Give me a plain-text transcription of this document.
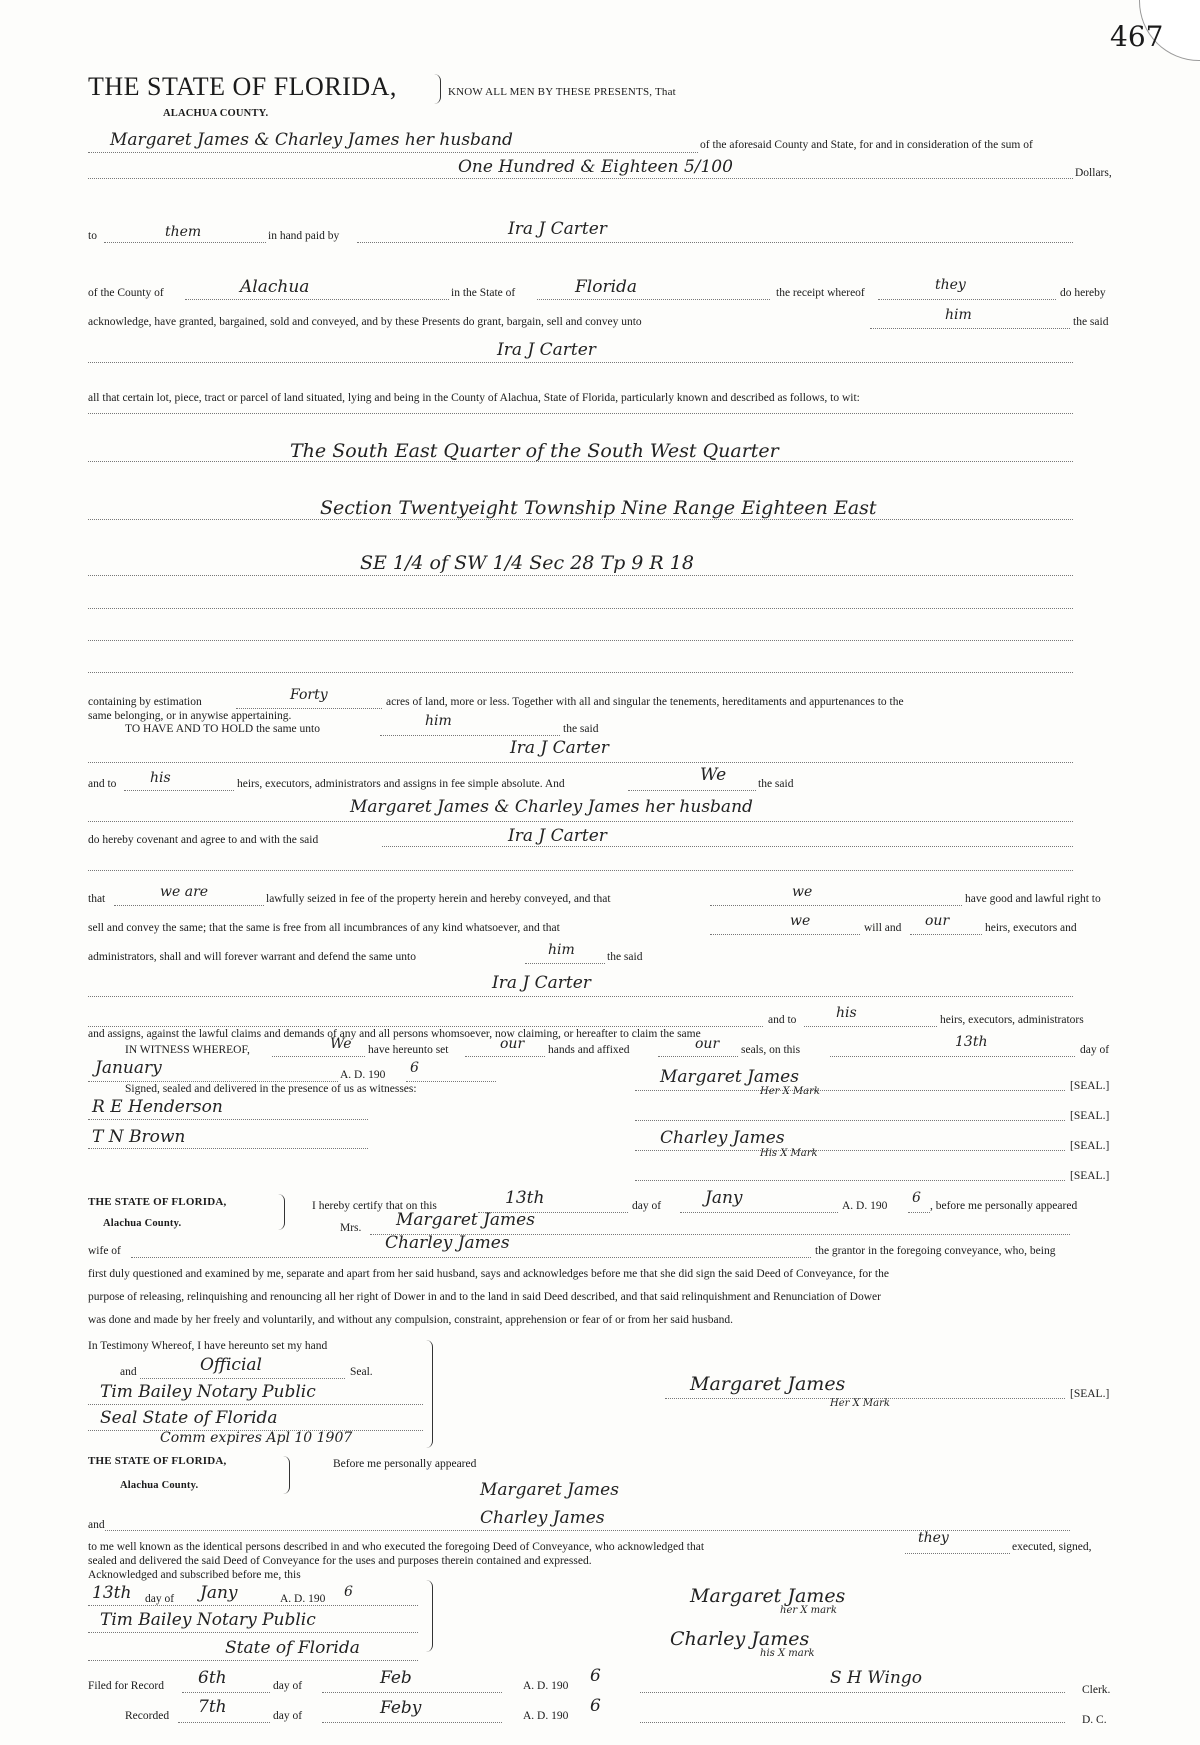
467
THE STATE OF FLORIDA,
ALACHUA COUNTY.
KNOW ALL MEN BY THESE PRESENTS, That
Margaret James & Charley James her husband	of the aforesaid County and State, for and in consideration of the sum of
One Hundred & Eighteen 5/100	Dollars,
to	them	in hand paid by	Ira J Carter
of the County of	Alachua	in the State of	Florida	the receipt whereof	they	do hereby
acknowledge, have granted, bargained, sold and conveyed, and by these Presents do grant, bargain, sell and convey unto	him	the said
Ira J Carter
all that certain lot, piece, tract or parcel of land situated, lying and being in the County of Alachua, State of Florida, particularly known and described as follows, to wit:
The South East Quarter of the South West Quarter
Section Twentyeight Township Nine Range Eighteen East
SE 1/4 of SW 1/4 Sec 28 Tp 9 R 18
containing by estimation	Forty	acres of land, more or less. Together with all and singular the tenements, hereditaments and appurtenances to the
same belonging, or in anywise appertaining.
TO HAVE AND TO HOLD the same unto	him	the said
Ira J Carter
and to his	heirs, executors, administrators and assigns in fee simple absolute. And	We	the said
Margaret James & Charley James her husband
do hereby covenant and agree to and with the said	Ira J Carter
that	we are	lawfully seized in fee of the property herein and hereby conveyed, and that	we	have good and lawful right to
sell and convey the same; that the same is free from all incumbrances of any kind whatsoever, and that	we	will and our	heirs, executors and
administrators, shall and will forever warrant and defend the same unto	him	the said
Ira J Carter
and to	his	heirs, executors, administrators
and assigns, against the lawful claims and demands of any and all persons whomsoever, now claiming, or hereafter to claim the same
IN WITNESS WHEREOF,	We have hereunto set	our hands and affixed	our seals, on this	13th	day of
January	A. D. 190 6
Signed, sealed and delivered in the presence of us as witnesses:
R E Henderson
T N Brown
Margaret James
Her X Mark	[SEAL.]
[SEAL.]
Charley James
His X Mark
[SEAL.]
[SEAL.]
THE STATE OF FLORIDA,
Alachua County.
I hereby certify that on this	13th	day of	Jany	A. D. 190 6 , before me personally appeared
Mrs. Margaret James
wife of	Charley James	the grantor in the foregoing conveyance, who, being
first duly questioned and examined by me, separate and apart from her said husband, says and acknowledges before me that she did sign the said Deed of Conveyance, for the
purpose of releasing, relinquishing and renouncing all her right of Dower in and to the land in said Deed described, and that said relinquishment and Renunciation of Dower
was done and made by her freely and voluntarily, and without any compulsion, constraint, apprehension or fear of or from her said husband.
In Testimony Whereof, I have hereunto set my hand
and	Official	Seal.
Tim Bailey Notary Public
Seal State of Florida
Comm expires Apl 10 1907
Margaret James
Her X Mark
[SEAL.]
THE STATE OF FLORIDA,
Alachua County.
Before me personally appeared
Margaret James
and	Charley James
to me well known as the identical persons described in and who executed the foregoing Deed of Conveyance, who acknowledged that
they
executed, signed,
sealed and delivered the said Deed of Conveyance for the uses and purposes therein contained and expressed.
Acknowledged and subscribed before me, this
13th day of Jany	A. D. 190 6
Tim Bailey Notary Public
State of Florida
Margaret James
her X mark
Charley James
his X mark
Filed for Record 6th	day of	Feb	A. D. 190 6	S H Wingo
Clerk.
Recorded 7th	day of	Feby	A. D. 190 6
D. C.
